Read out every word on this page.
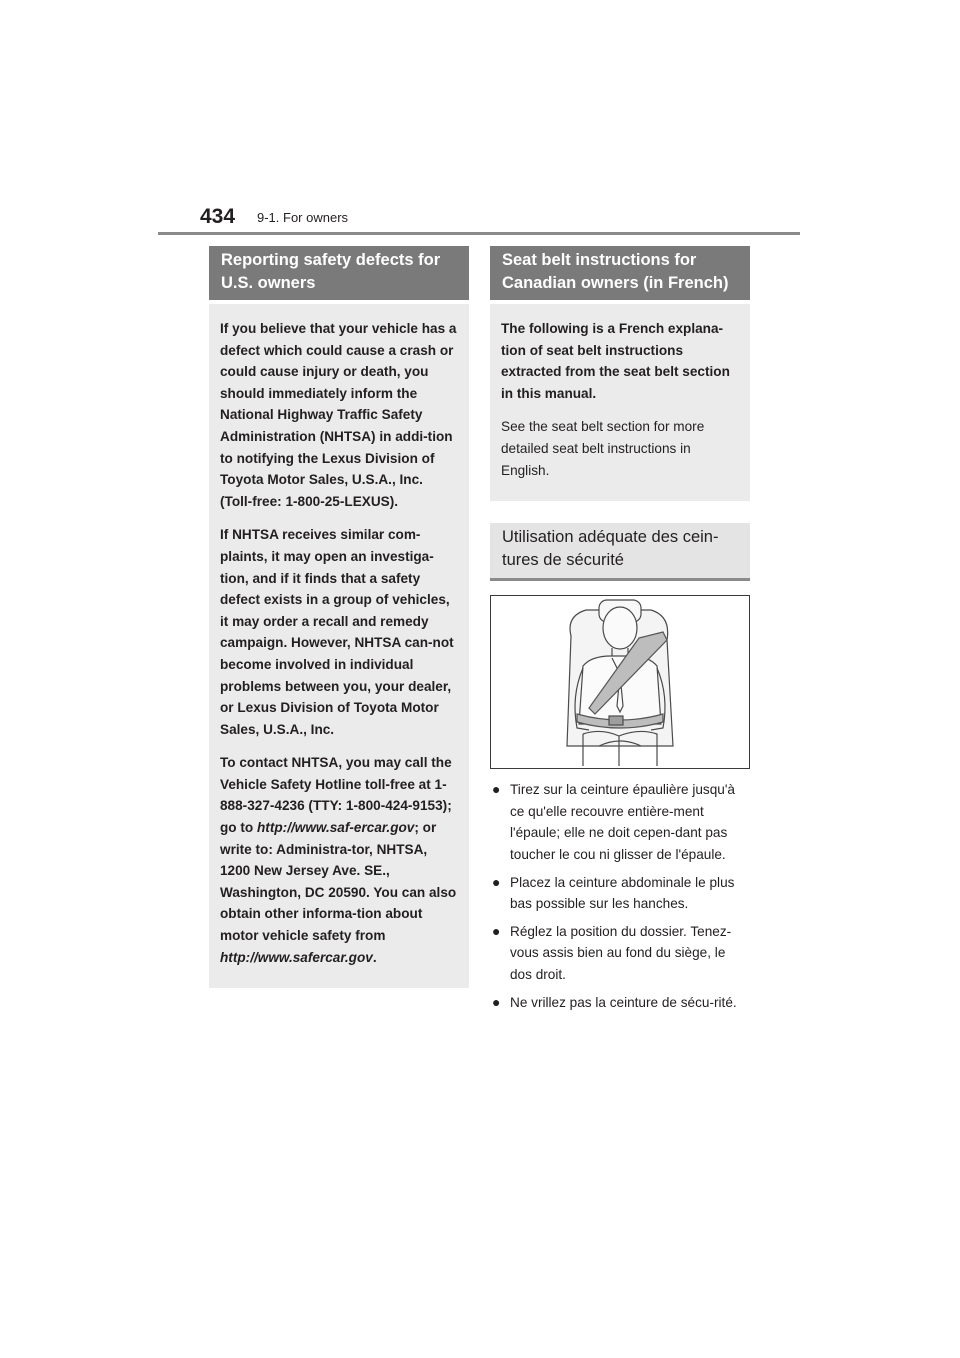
434 9-1. For owners
Reporting safety defects for U.S. owners

If you believe that your vehicle has a defect which could cause a crash or could cause injury or death, you should immediately inform the National Highway Traffic Safety Administration (NHTSA) in addi-tion to notifying the Lexus Division of Toyota Motor Sales, U.S.A., Inc. (Toll-free: 1-800-25-LEXUS).

If NHTSA receives similar com-plaints, it may open an investiga-tion, and if it finds that a safety defect exists in a group of vehicles, it may order a recall and remedy campaign. However, NHTSA can-not become involved in individual problems between you, your dealer, or Lexus Division of Toyota Motor Sales, U.S.A., Inc.

To contact NHTSA, you may call the Vehicle Safety Hotline toll-free at 1-888-327-4236 (TTY: 1-800-424-9153); go to http://www.saf-ercar.gov; or write to: Administra-tor, NHTSA, 1200 New Jersey Ave. SE., Washington, DC 20590. You can also obtain other informa-tion about motor vehicle safety from http://www.safercar.gov.

Seat belt instructions for Canadian owners (in French)

The following is a French explana-tion of seat belt instructions extracted from the seat belt section in this manual.

See the seat belt section for more detailed seat belt instructions in English.

Utilisation adéquate des cein-tures de sécurité
● Tirez sur la ceinture épaulière jusqu'à ce qu'elle recouvre entière-ment l'épaule; elle ne doit cepen-dant pas toucher le cou ni glisser de l'épaule.
● Placez la ceinture abdominale le plus bas possible sur les hanches.
● Réglez la position du dossier. Tenez-vous assis bien au fond du siège, le dos droit.
● Ne vrillez pas la ceinture de sécu-rité.
